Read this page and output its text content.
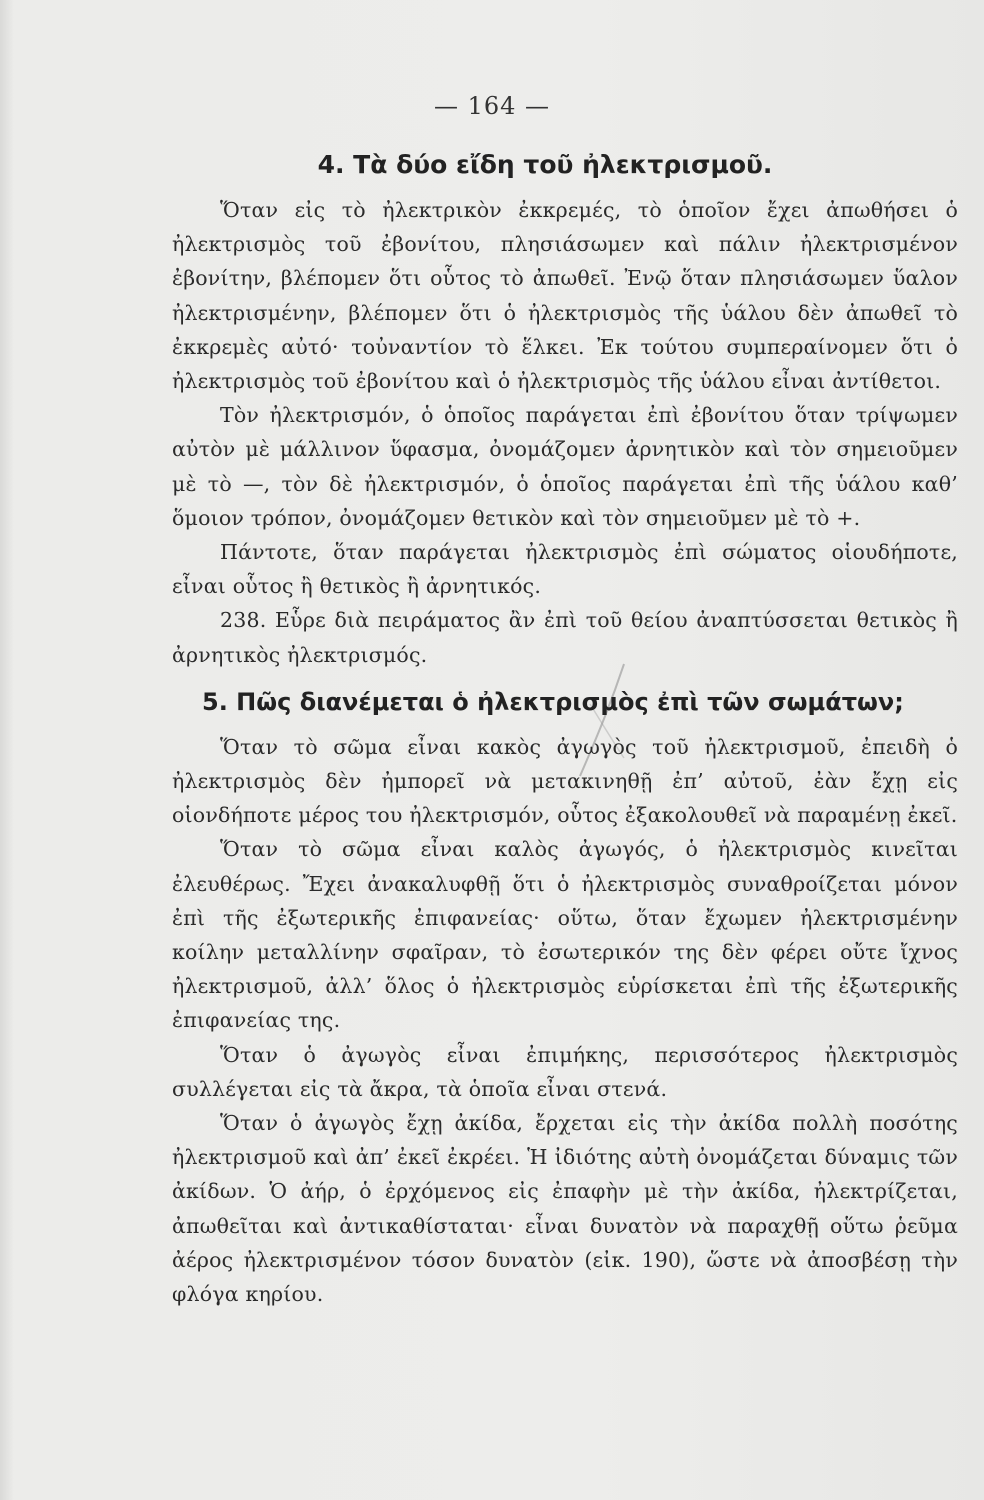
— 164 —
4. Τὰ δύο εἴδη τοῦ ἠλεκτρισμοῦ.

Ὅταν εἰς τὸ ἠλεκτρικὸν ἐκκρεμές, τὸ ὁποῖον ἔχει ἀπωθήσει ὁ ἠλεκτρισμὸς τοῦ ἐβονίτου, πλησιάσωμεν καὶ πάλιν ἠλεκτρισμένον ἐβονίτην, βλέπομεν ὅτι οὗτος τὸ ἀπωθεῖ. Ἐνῷ ὅταν πλησιάσωμεν ὕαλον ἠλεκτρισμένην, βλέπομεν ὅτι ὁ ἠλεκτρισμὸς τῆς ὑάλου δὲν ἀπωθεῖ τὸ ἐκκρεμὲς αὐτό· τοὐναντίον τὸ ἕλκει. Ἐκ τούτου συμπεραίνομεν ὅτι ὁ ἠλεκτρισμὸς τοῦ ἐβονίτου καὶ ὁ ἠλεκτρισμὸς τῆς ὑάλου εἶναι ἀντίθετοι.

Τὸν ἠλεκτρισμόν, ὁ ὁποῖος παράγεται ἐπὶ ἐβονίτου ὅταν τρίψωμεν αὐτὸν μὲ μάλλινον ὕφασμα, ὀνομάζομεν ἀρνητικὸν καὶ τὸν σημειοῦμεν μὲ τὸ —, τὸν δὲ ἠλεκτρισμόν, ὁ ὁποῖος παράγεται ἐπὶ τῆς ὑάλου καθ’ ὅμοιον τρόπον, ὀνομάζομεν θετικὸν καὶ τὸν σημειοῦμεν μὲ τὸ +.

Πάντοτε, ὅταν παράγεται ἠλεκτρισμὸς ἐπὶ σώματος οἱουδήποτε, εἶναι οὗτος ἢ θετικὸς ἢ ἀρνητικός.

238. Εὗρε διὰ πειράματος ἂν ἐπὶ τοῦ θείου ἀναπτύσσεται θετικὸς ἢ ἀρνητικὸς ἠλεκτρισμός.

5. Πῶς διανέμεται ὁ ἠλεκτρισμὸς ἐπὶ τῶν σωμάτων;

Ὅταν τὸ σῶμα εἶναι κακὸς ἀγωγὸς τοῦ ἠλεκτρισμοῦ, ἐπειδὴ ὁ ἠλεκτρισμὸς δὲν ἠμπορεῖ νὰ μετακινηθῇ ἐπ’ αὐτοῦ, ἐὰν ἔχῃ εἰς οἱονδήποτε μέρος του ἠλεκτρισμόν, οὗτος ἐξακολουθεῖ νὰ παραμένῃ ἐκεῖ.

Ὅταν τὸ σῶμα εἶναι καλὸς ἀγωγός, ὁ ἠλεκτρισμὸς κινεῖται ἐλευθέρως. Ἔχει ἀνακαλυφθῇ ὅτι ὁ ἠλεκτρισμὸς συναθροίζεται μόνον ἐπὶ τῆς ἐξωτερικῆς ἐπιφανείας· οὕτω, ὅταν ἔχωμεν ἠλεκτρισμένην κοίλην μεταλλίνην σφαῖραν, τὸ ἐσωτερικόν της δὲν φέρει οὔτε ἴχνος ἠλεκτρισμοῦ, ἀλλ’ ὅλος ὁ ἠλεκτρισμὸς εὑρίσκεται ἐπὶ τῆς ἐξωτερικῆς ἐπιφανείας της.

Ὅταν ὁ ἀγωγὸς εἶναι ἐπιμήκης, περισσότερος ἠλεκτρισμὸς συλλέγεται εἰς τὰ ἄκρα, τὰ ὁποῖα εἶναι στενά.

Ὅταν ὁ ἀγωγὸς ἔχῃ ἀκίδα, ἔρχεται εἰς τὴν ἀκίδα πολλὴ ποσότης ἠλεκτρισμοῦ καὶ ἀπ’ ἐκεῖ ἐκρέει. Ἡ ἰδιότης αὐτὴ ὀνομάζεται δύναμις τῶν ἀκίδων. Ὁ ἀήρ, ὁ ἐρχόμενος εἰς ἐπαφὴν μὲ τὴν ἀκίδα, ἠλεκτρίζεται, ἀπωθεῖται καὶ ἀντικαθίσταται· εἶναι δυνατὸν νὰ παραχθῇ οὕτω ῥεῦμα ἀέρος ἠλεκτρισμένον τόσον δυνατὸν (εἰκ. 190), ὥστε νὰ ἀποσβέσῃ τὴν φλόγα κηρίου.
